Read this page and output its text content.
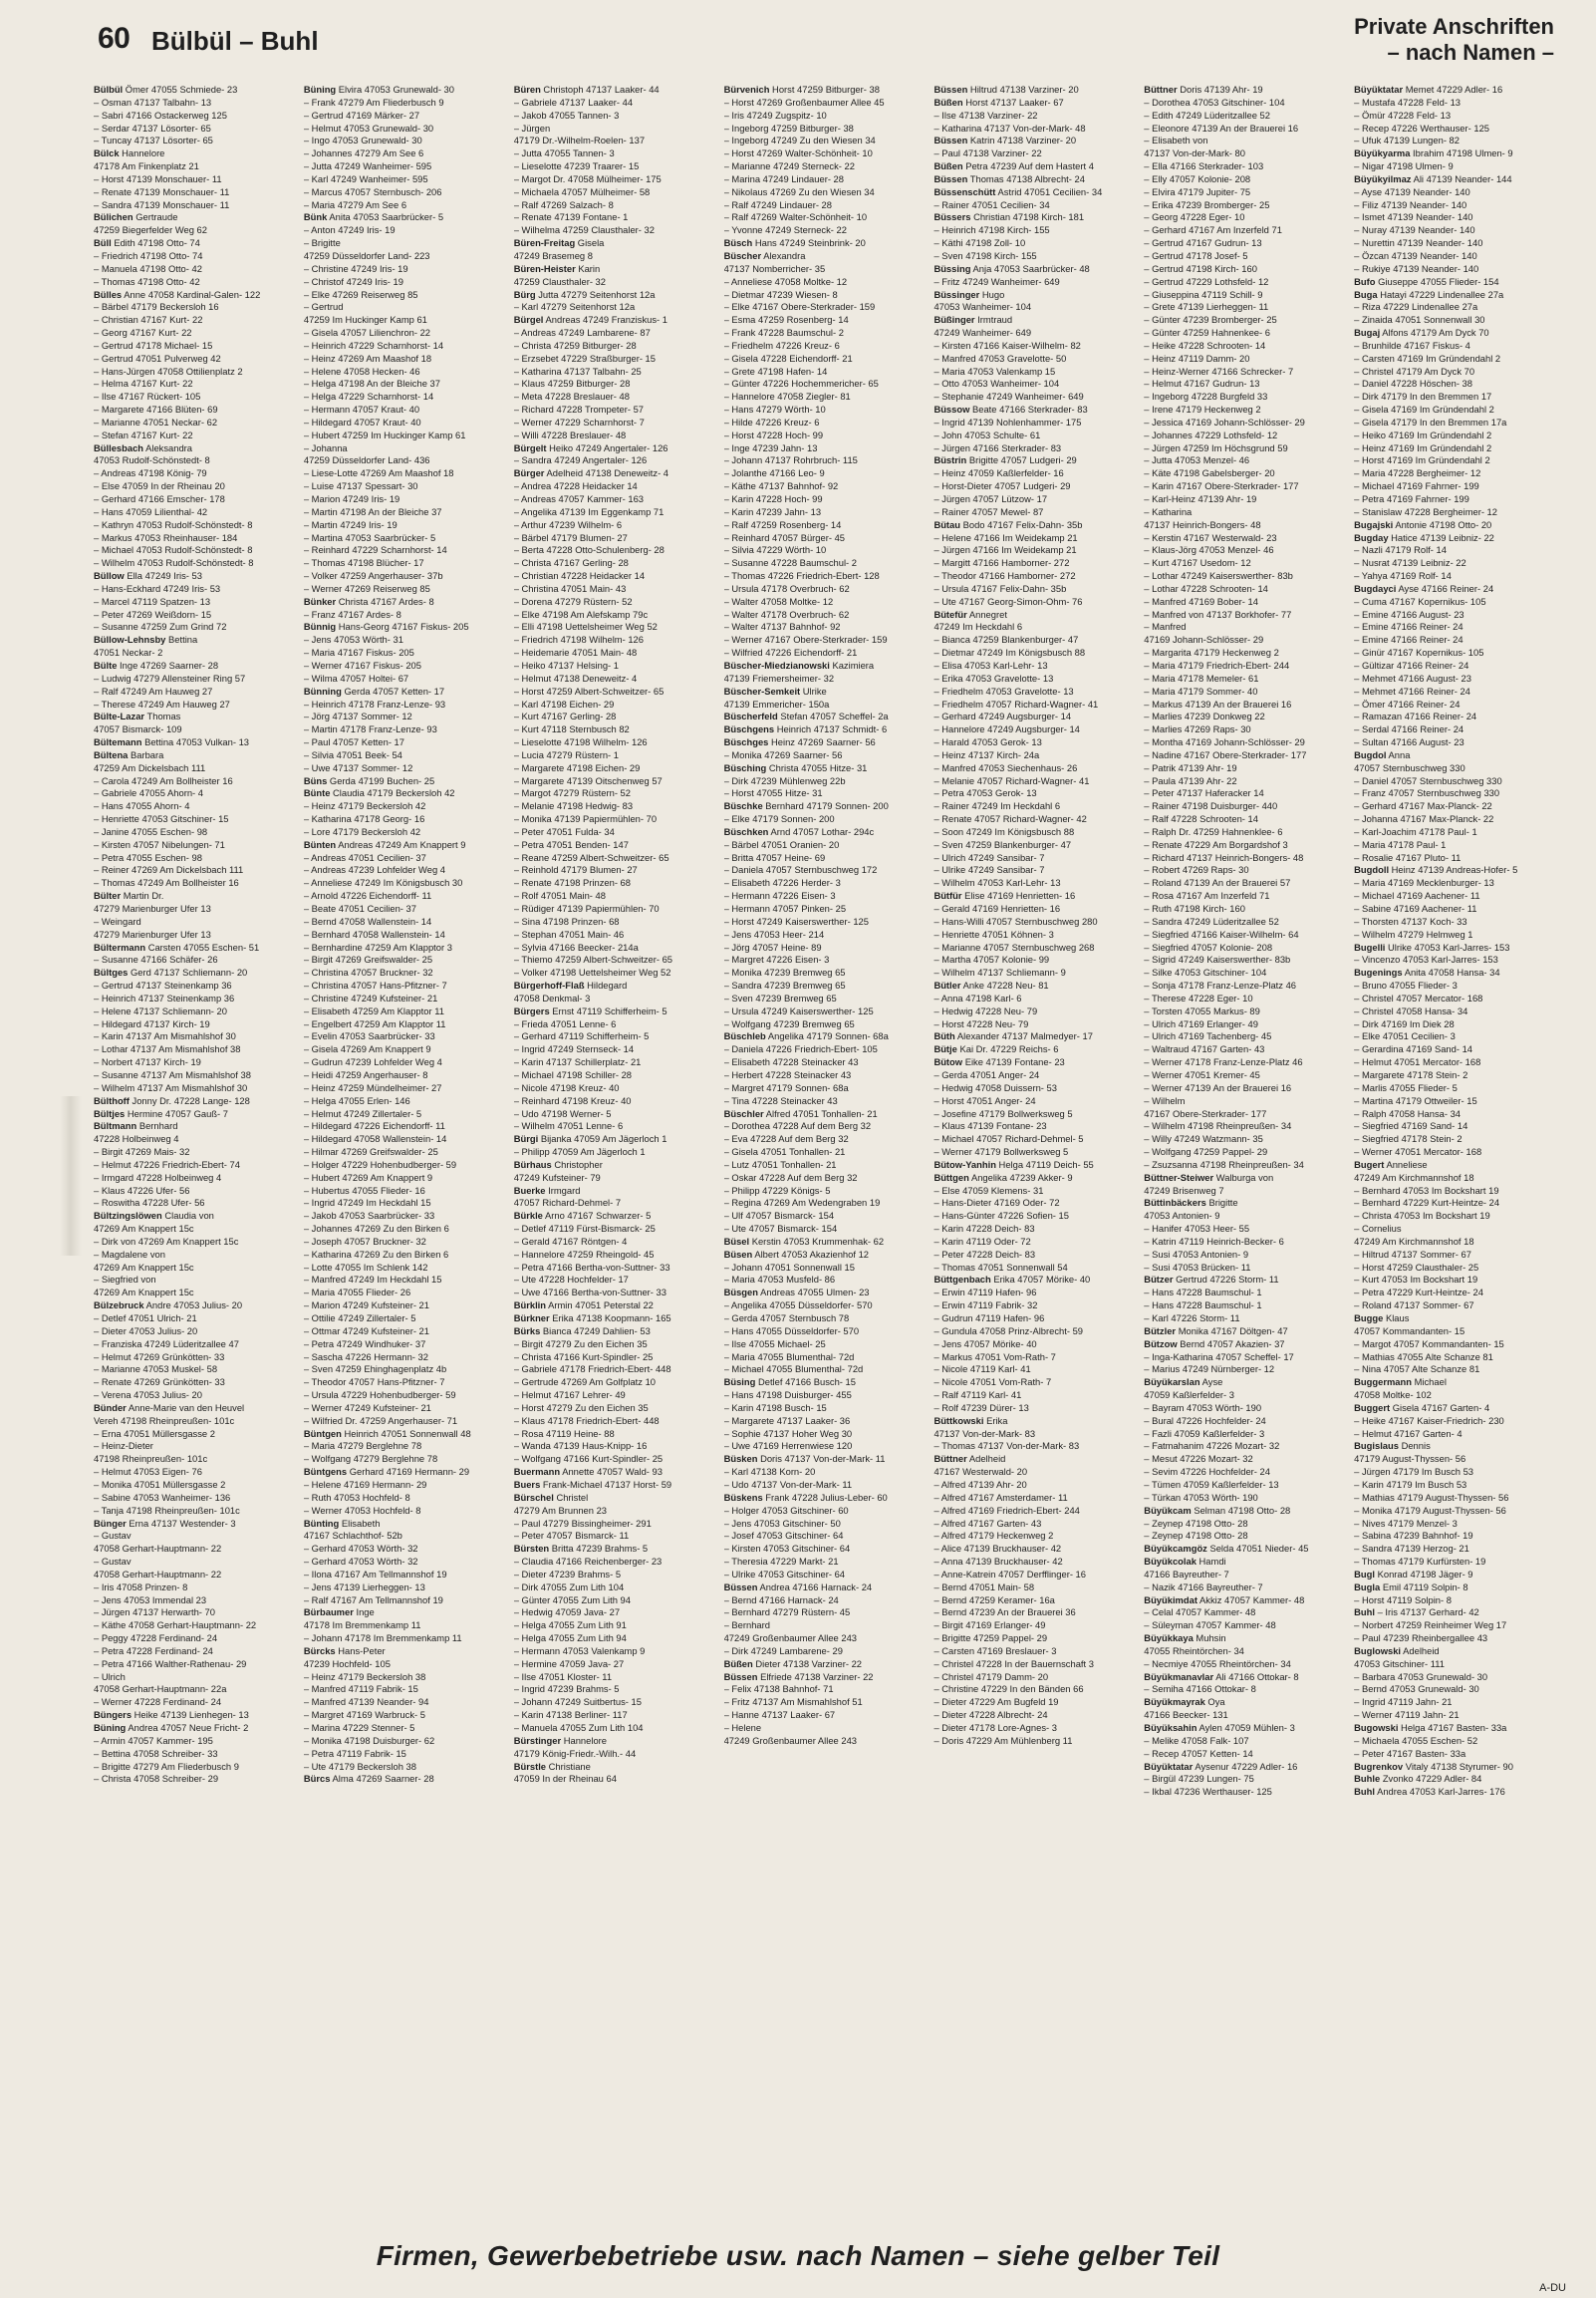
60 Bülbül – Buhl	Private Anschriften
– nach Namen –
Bülbül Ömer 47055 Schmiede- 23
– Osman 47137 Talbahn- 13
– Sabri 47166 Ostackerweg 125
– Serdar 47137 Lösorter- 65
– Tuncay 47137 Lösorter- 65
Bülck Hannelore
47178 Am Finkenplatz 21
– Horst 47139 Monschauer- 11
– Renate 47139 Monschauer- 11
– Sandra 47139 Monschauer- 11
Bülichen Gertraude
47259 Biegerfelder Weg 62
Büll Edith 47198 Otto- 74
– Friedrich 47198 Otto- 74
– Manuela 47198 Otto- 42
– Thomas 47198 Otto- 42
Bülles Anne 47058 Kardinal-Galen- 122
– Bärbel 47179 Beckersloh 16
– Christian 47167 Kurt- 22
– Georg 47167 Kurt- 22
– Gertrud 47178 Michael- 15
– Gertrud 47051 Pulverweg 42
– Hans-Jürgen 47058 Ottilienplatz 2
– Helma 47167 Kurt- 22
– Ilse 47167 Rückert- 105
– Margarete 47166 Blüten- 69
– Marianne 47051 Neckar- 62
– Stefan 47167 Kurt- 22
Büllesbach Aleksandra
47053 Rudolf-Schönstedt- 8
– Andreas 47198 König- 79
– Else 47059 In der Rheinau 20
– Gerhard 47166 Emscher- 178
– Hans 47059 Lilienthal- 42
– Kathryn 47053 Rudolf-Schönstedt- 8
– Markus 47053 Rheinhauser- 184
– Michael 47053 Rudolf-Schönstedt- 8
– Wilhelm 47053 Rudolf-Schönstedt- 8
Büllow Ella 47249 Iris- 53
– Hans-Eckhard 47249 Iris- 53
– Marcel 47119 Spatzen- 13
– Peter 47269 Weißdorn- 15
– Susanne 47259 Zum Grind 72
Büllow-Lehnsby Bettina
47051 Neckar- 2
Bülte Inge 47269 Saarner- 28
– Ludwig 47279 Allensteiner Ring 57
– Ralf 47249 Am Hauweg 27
– Therese 47249 Am Hauweg 27
Bülte-Lazar Thomas
47057 Bismarck- 109
Bültemann Bettina 47053 Vulkan- 13
Bültena Barbara
47259 Am Dickelsbach 111
– Carola 47249 Am Bollheister 16
– Gabriele 47055 Ahorn- 4
– Hans 47055 Ahorn- 4
– Henriette 47053 Gitschiner- 15
– Janine 47055 Eschen- 98
– Kirsten 47057 Nibelungen- 71
– Petra 47055 Eschen- 98
– Reiner 47269 Am Dickelsbach 111
– Thomas 47249 Am Bollheister 16
Bülter Martin Dr.
47279 Marienburger Ufer 13
– Weingard
47279 Marienburger Ufer 13
Bültermann Carsten 47055 Eschen- 51
– Susanne 47166 Schäfer- 26
Bültges Gerd 47137 Schliemann- 20
– Gertrud 47137 Steinenkamp 36
– Heinrich 47137 Steinenkamp 36
– Helene 47137 Schliemann- 20
– Hildegard 47137 Kirch- 19
– Karin 47137 Am Mismahlshof 30
– Lothar 47137 Am Mismahlshof 38
– Norbert 47137 Kirch- 19
– Susanne 47137 Am Mismahlshof 38
– Wilhelm 47137 Am Mismahlshof 30
Bülthoff Jonny Dr. 47228 Lange- 128
Bültjes Hermine 47057 Gauß- 7
Bültmann Bernhard
47228 Holbeinweg 4
– Birgit 47269 Mais- 32
– Helmut 47226 Friedrich-Ebert- 74
– Irmgard 47228 Holbeinweg 4
– Klaus 47226 Ufer- 56
– Roswitha 47228 Ufer- 56
Bültzingslöwen Claudia von
47269 Am Knappert 15c
– Dirk von 47269 Am Knappert 15c
– Magdalene von
47269 Am Knappert 15c
– Siegfried von
47269 Am Knappert 15c
Bülzebruck Andre 47053 Julius- 20
– Detlef 47051 Ulrich- 21
– Dieter 47053 Julius- 20
– Franziska 47249 Lüderitzallee 47
– Helmut 47269 Grünkötten- 33
– Marianne 47053 Muskel- 58
– Renate 47269 Grünkötten- 33
– Verena 47053 Julius- 20
Bünder Anne-Marie van den Heuvel
Vereh 47198 Rheinpreußen- 101c
– Erna 47051 Müllersgasse 2
– Heinz-Dieter
47198 Rheinpreußen- 101c
– Helmut 47053 Eigen- 76
– Monika 47051 Müllersgasse 2
– Sabine 47053 Wanheimer- 136
– Tanja 47198 Rheinpreußen- 101c
Bünger Erna 47137 Westender- 3
– Gustav
47058 Gerhart-Hauptmann- 22
– Gustav
47058 Gerhart-Hauptmann- 22
– Iris 47058 Prinzen- 8
– Jens 47053 Immendal 23
– Jürgen 47137 Herwarth- 70
– Käthe 47058 Gerhart-Hauptmann- 22
– Peggy 47228 Ferdinand- 24
– Petra 47228 Ferdinand- 24
– Petra 47166 Walther-Rathenau- 29
– Ulrich
47058 Gerhart-Hauptmann- 22a
– Werner 47228 Ferdinand- 24
Büngers Heike 47139 Lienhegen- 13
Büning Andrea 47057 Neue Fricht- 2
– Armin 47057 Kammer- 195
– Bettina 47058 Schreiber- 33
– Brigitte 47279 Am Fliederbusch 9
– Christa 47058 Schreiber- 29
Büning Elvira 47053 Grunewald- 30
– Frank 47279 Am Fliederbusch 9
– Gertrud 47169 Märker- 27
– Helmut 47053 Grunewald- 30
– Ingo 47053 Grunewald- 30
– Johannes 47279 Am See 6
– Jutta 47249 Wanheimer- 595
– Karl 47249 Wanheimer- 595
– Marcus 47057 Sternbusch- 206
– Maria 47279 Am See 6
Bünk Anita 47053 Saarbrücker- 5
– Anton 47249 Iris- 19
– Brigitte
47259 Düsseldorfer Land- 223
– Christine 47249 Iris- 19
– Christof 47249 Iris- 19
– Elke 47269 Reiserweg 85
– Gertrud
47259 Im Huckinger Kamp 61
– Gisela 47057 Lilienchron- 22
– Heinrich 47229 Scharnhorst- 14
– Heinz 47269 Am Maashof 18
– Helene 47058 Hecken- 46
– Helga 47198 An der Bleiche 37
– Helga 47229 Scharnhorst- 14
– Hermann 47057 Kraut- 40
– Hildegard 47057 Kraut- 40
– Hubert 47259 Im Huckinger Kamp 61
– Johanna
47259 Düsseldorfer Land- 436
– Liese-Lotte 47269 Am Maashof 18
– Luise 47137 Spessart- 30
– Marion 47249 Iris- 19
– Martin 47198 An der Bleiche 37
– Martin 47249 Iris- 19
– Martina 47053 Saarbrücker- 5
– Reinhard 47229 Scharnhorst- 14
– Thomas 47198 Blücher- 17
– Volker 47259 Angerhauser- 37b
– Werner 47269 Reiserweg 85
Bünker Christa 47167 Ardes- 8
– Franz 47167 Ardes- 8
Bünnig Hans-Georg 47167 Fiskus- 205
– Jens 47053 Wörth- 31
– Maria 47167 Fiskus- 205
– Werner 47167 Fiskus- 205
– Wilma 47057 Holtei- 67
Bünning Gerda 47057 Ketten- 17
– Heinrich 47178 Franz-Lenze- 93
– Jörg 47137 Sommer- 12
– Martin 47178 Franz-Lenze- 93
– Paul 47057 Ketten- 17
– Silvia 47051 Beek- 54
– Uwe 47137 Sommer- 12
Büns Gerda 47199 Buchen- 25
Bünte Claudia 47179 Beckersloh 42
– Heinz 47179 Beckersloh 42
– Katharina 47178 Georg- 16
– Lore 47179 Beckersloh 42
Bünten Andreas 47249 Am Knappert 9
– Andreas 47051 Cecilien- 37
– Andreas 47239 Lohfelder Weg 4
– Anneliese 47249 Im Königsbusch 30
– Arnold 47226 Eichendorff- 11
– Beate 47051 Cecilien- 37
– Bernd 47058 Wallenstein- 14
– Bernhard 47058 Wallenstein- 14
– Bernhardine 47259 Am Klapptor 3
– Birgit 47269 Greifswalder- 25
– Christina 47057 Bruckner- 32
– Christina 47057 Hans-Pfitzner- 7
– Christine 47249 Kufsteiner- 21
– Elisabeth 47259 Am Klapptor 11
– Engelbert 47259 Am Klapptor 11
– Evelin 47053 Saarbrücker- 33
– Gisela 47269 Am Knappert 9
– Gudrun 47239 Lohfelder Weg 4
– Heidi 47259 Angerhauser- 8
– Heinz 47259 Mündelheimer- 27
– Helga 47055 Erlen- 146
– Helmut 47249 Zillertaler- 5
– Hildegard 47226 Eichendorff- 11
– Hildegard 47058 Wallenstein- 14
– Hilmar 47269 Greifswalder- 25
– Holger 47229 Hohenbudberger- 59
– Hubert 47269 Am Knappert 9
– Hubertus 47055 Flieder- 16
– Ingrid 47249 Im Heckdahl 15
– Jakob 47053 Saarbrücker- 33
– Johannes 47269 Zu den Birken 6
– Joseph 47057 Bruckner- 32
– Katharina 47269 Zu den Birken 6
– Lotte 47055 Im Schlenk 142
– Manfred 47249 Im Heckdahl 15
– Maria 47055 Flieder- 26
– Marion 47249 Kufsteiner- 21
– Ottilie 47249 Zillertaler- 5
– Ottmar 47249 Kufsteiner- 21
– Petra 47249 Windhuker- 37
– Sascha 47226 Hermann- 32
– Sven 47259 Ehinghagenplatz 4b
– Theodor 47057 Hans-Pfitzner- 7
– Ursula 47229 Hohenbudberger- 59
– Werner 47249 Kufsteiner- 21
– Wilfried Dr. 47259 Angerhauser- 71
Büntgen Heinrich 47051 Sonnenwall 48
– Maria 47279 Berglehne 78
– Wolfgang 47279 Berglehne 78
Büntgens Gerhard 47169 Hermann- 29
– Helene 47169 Hermann- 29
– Ruth 47053 Hochfeld- 8
– Werner 47053 Hochfeld- 8
Bünting Elisabeth
47167 Schlachthof- 52b
– Gerhard 47053 Wörth- 32
– Gerhard 47053 Wörth- 32
– Ilona 47167 Am Tellmannshof 19
– Jens 47139 Lierheggen- 13
– Ralf 47167 Am Tellmannshof 19
Bürbaumer Inge
47178 Im Bremmenkamp 11
– Johann 47178 Im Bremmenkamp 11
Bürcks Hans-Peter
47239 Hochfeld- 105
– Heinz 47179 Beckersloh 38
– Manfred 47119 Fabrik- 15
– Manfred 47139 Neander- 94
– Margret 47169 Warbruck- 5
– Marina 47229 Stenner- 5
– Monika 47198 Duisburger- 62
– Petra 47119 Fabrik- 15
– Ute 47179 Beckersloh 38
Bürcs Alma 47269 Saarner- 28
Büren Christoph 47137 Laaker- 44
– Gabriele 47137 Laaker- 44
– Jakob 47055 Tannen- 3
– Jürgen
47179 Dr.-Wilhelm-Roelen- 137
– Jutta 47055 Tannen- 3
– Lieselotte 47239 Traarer- 15
– Margot Dr. 47058 Mülheimer- 175
– Michaela 47057 Mülheimer- 58
– Ralf 47269 Salzach- 8
– Renate 47139 Fontane- 1
– Wilhelma 47259 Clausthaler- 32
Büren-Freitag Gisela
47249 Brasemeg 8
Büren-Heister Karin
47259 Clausthaler- 32
Bürg Jutta 47279 Seitenhorst 12a
– Karl 47279 Seitenhorst 12a
Bürgel Andreas 47249 Franziskus- 1
– Andreas 47249 Lambarene- 87
– Christa 47259 Bitburger- 28
– Erzsebet 47229 Straßburger- 15
– Katharina 47137 Talbahn- 25
– Klaus 47259 Bitburger- 28
– Meta 47228 Breslauer- 48
– Richard 47228 Trompeter- 57
– Werner 47229 Scharnhorst- 7
– Willi 47228 Breslauer- 48
Bürgelt Heiko 47249 Angertaler- 126
– Sandra 47249 Angertaler- 126
Bürger Adelheid 47138 Deneweitz- 4
– Andrea 47228 Heidacker 14
– Andreas 47057 Kammer- 163
– Angelika 47139 Im Eggenkamp 71
– Arthur 47239 Wilhelm- 6
– Bärbel 47179 Blumen- 27
– Berta 47228 Otto-Schulenberg- 28
– Christa 47167 Gerling- 28
– Christian 47228 Heidacker 14
– Christina 47051 Main- 43
– Dorena 47279 Rüstern- 52
– Elke 47198 Am Alefskamp 79c
– Elli 47198 Uettelsheimer Weg 52
– Friedrich 47198 Wilhelm- 126
– Heidemarie 47051 Main- 48
– Heiko 47137 Helsing- 1
– Helmut 47138 Deneweitz- 4
– Horst 47259 Albert-Schweitzer- 65
– Karl 47198 Eichen- 29
– Kurt 47167 Gerling- 28
– Kurt 47118 Sternbusch 82
– Lieselotte 47198 Wilhelm- 126
– Lucia 47279 Rüstern- 1
– Margarete 47198 Eichen- 29
– Margarete 47139 Oitschenweg 57
– Margot 47279 Rüstern- 52
– Melanie 47198 Hedwig- 83
– Monika 47139 Papiermühlen- 70
– Peter 47051 Fulda- 34
– Petra 47051 Benden- 147
– Reane 47259 Albert-Schweitzer- 65
– Reinhold 47179 Blumen- 27
– Renate 47198 Prinzen- 68
– Rolf 47051 Main- 48
– Rüdiger 47139 Papiermühlen- 70
– Sina 47198 Prinzen- 68
– Stephan 47051 Main- 46
– Sylvia 47166 Beecker- 214a
– Thiemo 47259 Albert-Schweitzer- 65
– Volker 47198 Uettelsheimer Weg 52
Bürgerhoff-Flaß Hildegard
47058 Denkmal- 3
Bürgers Ernst 47119 Schifferheim- 5
– Frieda 47051 Lenne- 6
– Gerhard 47119 Schifferheim- 5
– Ingrid 47249 Sternseck- 14
– Karin 47137 Schillerplatz- 21
– Michael 47198 Schiller- 28
– Nicole 47198 Kreuz- 40
– Reinhard 47198 Kreuz- 40
– Udo 47198 Werner- 5
– Wilhelm 47051 Lenne- 6
Bürgi Bijanka 47059 Am Jägerloch 1
– Philipp 47059 Am Jägerloch 1
Bürhaus Christopher
47249 Kufsteiner- 79
Buerke Irmgard
47057 Richard-Dehmel- 7
Bürkle Arno 47167 Schwarzer- 5
– Detlef 47119 Fürst-Bismarck- 25
– Gerald 47167 Röntgen- 4
– Hannelore 47259 Rheingold- 45
– Petra 47166 Bertha-von-Suttner- 33
– Ute 47228 Hochfelder- 17
– Uwe 47166 Bertha-von-Suttner- 33
Bürklin Armin 47051 Peterstal 22
Bürkner Erika 47138 Koopmann- 165
Bürks Bianca 47249 Dahlien- 53
– Birgit 47279 Zu den Eichen 35
– Christa 47166 Kurt-Spindler- 25
– Gabriele 47178 Friedrich-Ebert- 448
– Gertrude 47269 Am Golfplatz 10
– Helmut 47167 Lehrer- 49
– Horst 47279 Zu den Eichen 35
– Klaus 47178 Friedrich-Ebert- 448
– Rosa 47119 Heine- 88
– Wanda 47139 Haus-Knipp- 16
– Wolfgang 47166 Kurt-Spindler- 25
Buermann Annette 47057 Wald- 93
Buers Frank-Michael 47137 Horst- 59
Bürschel Christel
47279 Am Brunnen 23
– Paul 47279 Bissingheimer- 291
– Peter 47057 Bismarck- 11
Bürsten Britta 47239 Brahms- 5
– Claudia 47166 Reichenberger- 23
– Dieter 47239 Brahms- 5
– Dirk 47055 Zum Lith 104
– Günter 47055 Zum Lith 94
– Hedwig 47059 Java- 27
– Helga 47055 Zum Lith 91
– Helga 47055 Zum Lith 94
– Hermann 47053 Valenkamp 9
– Hermine 47059 Java- 27
– Ilse 47051 Kloster- 11
– Ingrid 47239 Brahms- 5
– Johann 47249 Suitbertus- 15
– Karin 47138 Berliner- 117
– Manuela 47055 Zum Lith 104
Bürstinger Hannelore
47179 König-Friedr.-Wilh.- 44
Bürstle Christiane
47059 In der Rheinau 64
Bürvenich Horst 47259 Bitburger- 38
– Horst 47269 Großenbaumer Allee 45
– Iris 47249 Zugspitz- 10
– Ingeborg 47259 Bitburger- 38
– Ingeborg 47249 Zu den Wiesen 34
– Horst 47269 Walter-Schönheit- 10
– Marianne 47249 Sterneck- 22
– Marina 47249 Lindauer- 28
– Nikolaus 47269 Zu den Wiesen 34
– Ralf 47249 Lindauer- 28
– Ralf 47269 Walter-Schönheit- 10
– Yvonne 47249 Sterneck- 22
Büsch Hans 47249 Steinbrink- 20
Büscher Alexandra
47137 Nomberricher- 35
– Anneliese 47058 Moltke- 12
– Dietmar 47239 Wiesen- 8
– Elke 47167 Obere-Sterkrader- 159
– Esma 47259 Rosenberg- 14
– Frank 47228 Baumschul- 2
– Friedhelm 47226 Kreuz- 6
– Gisela 47228 Eichendorff- 21
– Grete 47198 Hafen- 14
– Günter 47226 Hochemmericher- 65
– Hannelore 47058 Ziegler- 81
– Hans 47279 Wörth- 10
– Hilde 47226 Kreuz- 6
– Horst 47228 Hoch- 99
– Inge 47239 Jahn- 13
– Johann 47137 Rohrbruch- 115
– Jolanthe 47166 Leo- 9
– Käthe 47137 Bahnhof- 92
– Karin 47228 Hoch- 99
– Karin 47239 Jahn- 13
– Ralf 47259 Rosenberg- 14
– Reinhard 47057 Bürger- 45
– Silvia 47229 Wörth- 10
– Susanne 47228 Baumschul- 2
– Thomas 47226 Friedrich-Ebert- 128
– Ursula 47178 Overbruch- 62
– Walter 47058 Moltke- 12
– Walter 47178 Overbruch- 62
– Walter 47137 Bahnhof- 92
– Werner 47167 Obere-Sterkrader- 159
– Wilfried 47226 Eichendorff- 21
Büscher-Miedzianowski Kazimiera
47139 Friemersheimer- 32
Büscher-Semkeit Ulrike
47139 Emmericher- 150a
Büscherfeld Stefan 47057 Scheffel- 2a
Büschgens Heinrich 47137 Schmidt- 6
Büschges Heinz 47269 Saarner- 56
– Monika 47269 Saarner- 56
Büsching Christa 47055 Hitze- 31
– Dirk 47239 Mühlenweg 22b
– Horst 47055 Hitze- 31
Büschke Bernhard 47179 Sonnen- 200
– Elke 47179 Sonnen- 200
Büschken Arnd 47057 Lothar- 294c
– Bärbel 47051 Oranien- 20
– Britta 47057 Heine- 69
– Daniela 47057 Sternbuschweg 172
– Elisabeth 47226 Herder- 3
– Hermann 47226 Eisen- 3
– Hermann 47057 Pinken- 25
– Horst 47249 Kaiserswerther- 125
– Jens 47053 Heer- 214
– Jörg 47057 Heine- 89
– Margret 47226 Eisen- 3
– Monika 47239 Bremweg 65
– Sandra 47239 Bremweg 65
– Sven 47239 Bremweg 65
– Ursula 47249 Kaiserswerther- 125
– Wolfgang 47239 Bremweg 65
Büschleb Angelika 47179 Sonnen- 68a
– Daniela 47226 Friedrich-Ebert- 105
– Elisabeth 47228 Steinacker 43
– Herbert 47228 Steinacker 43
– Margret 47179 Sonnen- 68a
– Tina 47228 Steinacker 43
Büschler Alfred 47051 Tonhallen- 21
– Dorothea 47228 Auf dem Berg 32
– Eva 47228 Auf dem Berg 32
– Gisela 47051 Tonhallen- 21
– Lutz 47051 Tonhallen- 21
– Oskar 47228 Auf dem Berg 32
– Philipp 47229 Königs- 5
– Regina 47269 Am Wedengraben 19
– Ulf 47057 Bismarck- 154
– Ute 47057 Bismarck- 154
Büsel Kerstin 47053 Krummenhak- 62
Büsen Albert 47053 Akazienhof 12
– Johann 47051 Sonnenwall 15
– Maria 47053 Musfeld- 86
Büsgen Andreas 47055 Ulmen- 23
– Angelika 47055 Düsseldorfer- 570
– Gerda 47057 Sternbusch 78
– Hans 47055 Düsseldorfer- 570
– Ilse 47055 Michael- 25
– Maria 47055 Blumenthal- 72d
– Michael 47055 Blumenthal- 72d
Büsing Detlef 47166 Busch- 15
– Hans 47198 Duisburger- 455
– Karin 47198 Busch- 15
– Margarete 47137 Laaker- 36
– Sophie 47137 Hoher Weg 30
– Uwe 47169 Herrenwiese 120
Büsken Doris 47137 Von-der-Mark- 11
– Karl 47138 Korn- 20
– Udo 47137 Von-der-Mark- 11
Büskens Frank 47228 Julius-Leber- 60
– Holger 47053 Gitschiner- 60
– Jens 47053 Gitschiner- 50
– Josef 47053 Gitschiner- 64
– Kirsten 47053 Gitschiner- 64
– Theresia 47229 Markt- 21
– Ulrike 47053 Gitschiner- 64
Büssen Andrea 47166 Harnack- 24
– Bernd 47166 Harnack- 24
– Bernhard 47279 Rüstern- 45
– Bernhard
47249 Großenbaumer Allee 243
– Dirk 47249 Lambarene- 29
Büßen Dieter 47138 Varziner- 22
Büssen Elfriede 47138 Varziner- 22
– Felix 47138 Bahnhof- 71
– Fritz 47137 Am Mismahlshof 51
– Hanne 47137 Laaker- 67
– Helene
47249 Großenbaumer Allee 243
Büssen Hiltrud 47138 Varziner- 20
Büßen Horst 47137 Laaker- 67
– Ilse 47138 Varziner- 22
– Katharina 47137 Von-der-Mark- 48
Büssen Katrin 47138 Varziner- 20
– Paul 47138 Varziner- 22
Büßen Petra 47239 Auf dem Hastert 4
Büssen Thomas 47138 Albrecht- 24
Büssenschütt Astrid 47051 Cecilien- 34
– Rainer 47051 Cecilien- 34
Büssers Christian 47198 Kirch- 181
– Heinrich 47198 Kirch- 155
– Käthi 47198 Zoll- 10
– Sven 47198 Kirch- 155
Büssing Anja 47053 Saarbrücker- 48
– Fritz 47249 Wanheimer- 649
Büssinger Hugo
47053 Wanheimer- 104
Büßinger Irmtraud
47249 Wanheimer- 649
– Kirsten 47166 Kaiser-Wilhelm- 82
– Manfred 47053 Gravelotte- 50
– Maria 47053 Valenkamp 15
– Otto 47053 Wanheimer- 104
– Stephanie 47249 Wanheimer- 649
Büssow Beate 47166 Sterkrader- 83
– Ingrid 47139 Nohlenhammer- 175
– John 47053 Schulte- 61
– Jürgen 47166 Sterkrader- 83
Büstrin Brigitte 47057 Ludgeri- 29
– Heinz 47059 Kaßlerfelder- 16
– Horst-Dieter 47057 Ludgeri- 29
– Jürgen 47057 Lützow- 17
– Rainer 47057 Mewel- 87
Bütau Bodo 47167 Felix-Dahn- 35b
– Helene 47166 Im Weidekamp 21
– Jürgen 47166 Im Weidekamp 21
– Margitt 47166 Hamborner- 272
– Theodor 47166 Hamborner- 272
– Ursula 47167 Felix-Dahn- 35b
– Ute 47167 Georg-Simon-Ohm- 76
Bütefür Annegret
47249 Im Heckdahl 6
– Bianca 47259 Blankenburger- 47
– Dietmar 47249 Im Königsbusch 88
– Elisa 47053 Karl-Lehr- 13
– Erika 47053 Gravelotte- 13
– Friedhelm 47053 Gravelotte- 13
– Friedhelm 47057 Richard-Wagner- 41
– Gerhard 47249 Augsburger- 14
– Hannelore 47249 Augsburger- 14
– Harald 47053 Gerok- 13
– Heinz 47137 Kirch- 24a
– Manfred 47053 Siechenhaus- 26
– Melanie 47057 Richard-Wagner- 41
– Petra 47053 Gerok- 13
– Rainer 47249 Im Heckdahl 6
– Renate 47057 Richard-Wagner- 42
– Soon 47249 Im Königsbusch 88
– Sven 47259 Blankenburger- 47
– Ulrich 47249 Sansibar- 7
– Ulrike 47249 Sansibar- 7
– Wilhelm 47053 Karl-Lehr- 13
Bütfür Elise 47169 Henrietten- 16
– Gerald 47169 Henrietten- 16
– Hans-Willi 47057 Sternbuschweg 280
– Henriette 47051 Köhnen- 3
– Marianne 47057 Sternbuschweg 268
– Martha 47057 Kolonie- 99
– Wilhelm 47137 Schliemann- 9
Bütler Anke 47228 Neu- 81
– Anna 47198 Karl- 6
– Hedwig 47228 Neu- 79
– Horst 47228 Neu- 79
Büth Alexander 47137 Malmedyer- 17
Bütje Kai Dr. 47229 Reichs- 6
Bütow Eike 47139 Fontane- 23
– Gerda 47051 Anger- 24
– Hedwig 47058 Duissern- 53
– Horst 47051 Anger- 24
– Josefine 47179 Bollwerksweg 5
– Klaus 47139 Fontane- 23
– Michael 47057 Richard-Dehmel- 5
– Werner 47179 Bollwerksweg 5
Bütow-Yanhin Helga 47119 Deich- 55
Büttgen Angelika 47239 Akker- 9
– Else 47059 Klemens- 31
– Hans-Dieter 47169 Oder- 72
– Hans-Günter 47226 Sofien- 15
– Karin 47228 Deich- 83
– Karin 47119 Oder- 72
– Peter 47228 Deich- 83
– Thomas 47051 Sonnenwall 54
Büttgenbach Erika 47057 Mörike- 40
– Erwin 47119 Hafen- 96
– Erwin 47119 Fabrik- 32
– Gudrun 47119 Hafen- 96
– Gundula 47058 Prinz-Albrecht- 59
– Jens 47057 Mörike- 40
– Markus 47051 Vom-Rath- 7
– Nicole 47119 Karl- 41
– Nicole 47051 Vom-Rath- 7
– Ralf 47119 Karl- 41
– Rolf 47239 Dürer- 13
Büttkowski Erika
47137 Von-der-Mark- 83
– Thomas 47137 Von-der-Mark- 83
Büttner Adelheid
47167 Westerwald- 20
– Alfred 47139 Ahr- 20
– Alfred 47167 Amsterdamer- 11
– Alfred 47169 Friedrich-Ebert- 244
– Alfred 47167 Garten- 43
– Alfred 47179 Heckenweg 2
– Alice 47139 Bruckhauser- 42
– Anna 47139 Bruckhauser- 42
– Anne-Katrein 47057 Derfflinger- 16
– Bernd 47051 Main- 58
– Bernd 47259 Keramer- 16a
– Bernd 47239 An der Brauerei 36
– Birgit 47169 Erlanger- 49
– Brigitte 47259 Pappel- 29
– Carsten 47169 Breslauer- 3
– Christel 47228 In der Bauernschaft 3
– Christel 47179 Damm- 20
– Christine 47229 In den Bänden 66
– Dieter 47229 Am Bugfeld 19
– Dieter 47228 Albrecht- 24
– Dieter 47178 Lore-Agnes- 3
– Doris 47229 Am Mühlenberg 11
Büttner Doris 47139 Ahr- 19
– Dorothea 47053 Gitschiner- 104
– Edith 47249 Lüderitzallee 52
– Eleonore 47139 An der Brauerei 16
– Elisabeth von
47137 Von-der-Mark- 80
– Ella 47166 Sterkrader- 103
– Elly 47057 Kolonie- 208
– Elvira 47179 Jupiter- 75
– Erika 47239 Bromberger- 25
– Georg 47228 Eger- 10
– Gerhard 47167 Am Inzerfeld 71
– Gertrud 47167 Gudrun- 13
– Gertrud 47178 Josef- 5
– Gertrud 47198 Kirch- 160
– Gertrud 47229 Lothsfeld- 12
– Giuseppina 47119 Schill- 9
– Grete 47139 Lierheggen- 11
– Günter 47239 Bromberger- 25
– Günter 47259 Hahnenkee- 6
– Heike 47228 Schrooten- 14
– Heinz 47119 Damm- 20
– Heinz-Werner 47166 Schrecker- 7
– Helmut 47167 Gudrun- 13
– Ingeborg 47228 Burgfeld 33
– Irene 47179 Heckenweg 2
– Jessica 47169 Johann-Schlösser- 29
– Johannes 47229 Lothsfeld- 12
– Jürgen 47259 Im Höchsgrund 59
– Jutta 47053 Menzel- 46
– Käte 47198 Gabelsberger- 20
– Karin 47167 Obere-Sterkrader- 177
– Karl-Heinz 47139 Ahr- 19
– Katharina
47137 Heinrich-Bongers- 48
– Kerstin 47167 Westerwald- 23
– Klaus-Jörg 47053 Menzel- 46
– Kurt 47167 Usedom- 12
– Lothar 47249 Kaiserswerther- 83b
– Lothar 47228 Schrooten- 14
– Manfred 47169 Bober- 14
– Manfred von 47137 Borkhofer- 77
– Manfred
47169 Johann-Schlösser- 29
– Margarita 47179 Heckenweg 2
– Maria 47179 Friedrich-Ebert- 244
– Maria 47178 Memeler- 61
– Maria 47179 Sommer- 40
– Markus 47139 An der Brauerei 16
– Marlies 47239 Donkweg 22
– Marlies 47269 Raps- 30
– Montha 47169 Johann-Schlösser- 29
– Nadine 47167 Obere-Sterkrader- 177
– Patrik 47139 Ahr- 19
– Paula 47139 Ahr- 22
– Peter 47137 Haferacker 14
– Rainer 47198 Duisburger- 440
– Ralf 47228 Schrooten- 14
– Ralph Dr. 47259 Hahnenklee- 6
– Renate 47229 Am Borgardshof 3
– Richard 47137 Heinrich-Bongers- 48
– Robert 47269 Raps- 30
– Roland 47139 An der Brauerei 57
– Rosa 47167 Am Inzerfeld 71
– Ruth 47198 Kirch- 160
– Sandra 47249 Lüderitzallee 52
– Siegfried 47166 Kaiser-Wilhelm- 64
– Siegfried 47057 Kolonie- 208
– Sigrid 47249 Kaiserswerther- 83b
– Silke 47053 Gitschiner- 104
– Sonja 47178 Franz-Lenze-Platz 46
– Therese 47228 Eger- 10
– Torsten 47055 Markus- 89
– Ulrich 47169 Erlanger- 49
– Ulrich 47169 Tachenberg- 45
– Waltraud 47167 Garten- 43
– Werner 47178 Franz-Lenze-Platz 46
– Werner 47051 Kremer- 45
– Werner 47139 An der Brauerei 16
– Wilhelm
47167 Obere-Sterkrader- 177
– Wilhelm 47198 Rheinpreußen- 34
– Willy 47249 Watzmann- 35
– Wolfgang 47259 Pappel- 29
– Zsuzsanna 47198 Rheinpreußen- 34
Büttner-Steiwer Walburga von
47249 Brisenweg 7
Büttinbäckers Brigitte
47053 Antonien- 9
– Hanifer 47053 Heer- 55
– Katrin 47119 Heinrich-Becker- 6
– Susi 47053 Antonien- 9
– Susi 47053 Brücken- 11
Bützer Gertrud 47226 Storm- 11
– Hans 47228 Baumschul- 1
– Hans 47228 Baumschul- 1
– Karl 47226 Storm- 11
Bützler Monika 47167 Döltgen- 47
Bützow Bernd 47057 Akazien- 37
– Inga-Katharina 47057 Scheffel- 17
– Marius 47249 Nürnberger- 12
Büyükarslan Ayse
47059 Kaßlerfelder- 3
– Bayram 47053 Wörth- 190
– Bural 47226 Hochfelder- 24
– Fazli 47059 Kaßlerfelder- 3
– Fatmahanim 47226 Mozart- 32
– Mesut 47226 Mozart- 32
– Sevim 47226 Hochfelder- 24
– Tümen 47059 Kaßlerfelder- 13
– Türkan 47053 Wörth- 190
Büyükcam Selman 47198 Otto- 28
– Zeynep 47198 Otto- 28
– Zeynep 47198 Otto- 28
Büyükcamgöz Selda 47051 Nieder- 45
Büyükcolak Hamdi
47166 Bayreuther- 7
– Nazik 47166 Bayreuther- 7
Büyükimdat Akkiz 47057 Kammer- 48
– Celal 47057 Kammer- 48
– Süleyman 47057 Kammer- 48
Büyükkaya Muhsin
47055 Rheintörchen- 34
– Necmiye 47055 Rheintörchen- 34
Büyükmanavlar Ali 47166 Ottokar- 8
– Semiha 47166 Ottokar- 8
Büyükmayrak Oya
47166 Beecker- 131
Büyüksahin Aylen 47059 Mühlen- 3
– Melike 47058 Falk- 107
– Recep 47057 Ketten- 14
Büyüktatar Aysenur 47229 Adler- 16
– Birgül 47239 Lungen- 75
– Ikbal 47236 Werthauser- 125
Büyüktatar Memet 47229 Adler- 16
– Mustafa 47228 Feld- 13
– Ömür 47228 Feld- 13
– Recep 47226 Werthauser- 125
– Ufuk 47139 Lungen- 82
Büyükyarma Ibrahim 47198 Ulmen- 9
– Nigar 47198 Ulmen- 9
Büyükyilmaz Ali 47139 Neander- 144
– Ayse 47139 Neander- 140
– Filiz 47139 Neander- 140
– Ismet 47139 Neander- 140
– Nuray 47139 Neander- 140
– Nurettin 47139 Neander- 140
– Özcan 47139 Neander- 140
– Rukiye 47139 Neander- 140
Bufo Giuseppe 47055 Flieder- 154
Buga Hatayi 47229 Lindenallee 27a
– Riza 47229 Lindenallee 27a
– Zinaida 47051 Sonnenwall 30
Bugaj Alfons 47179 Am Dyck 70
– Brunhilde 47167 Fiskus- 4
– Carsten 47169 Im Gründendahl 2
– Christel 47179 Am Dyck 70
– Daniel 47228 Höschen- 38
– Dirk 47179 In den Bremmen 17
– Gisela 47169 Im Gründendahl 2
– Gisela 47179 In den Bremmen 17a
– Heiko 47169 Im Gründendahl 2
– Heinz 47169 Im Gründendahl 2
– Horst 47169 Im Gründendahl 2
– Maria 47228 Bergheimer- 12
– Michael 47169 Fahrner- 199
– Petra 47169 Fahrner- 199
– Stanislaw 47228 Bergheimer- 12
Bugajski Antonie 47198 Otto- 20
Bugday Hatice 47139 Leibniz- 22
– Nazli 47179 Rolf- 14
– Nusrat 47139 Leibniz- 22
– Yahya 47169 Rolf- 14
Bugdayci Ayse 47166 Reiner- 24
– Cuma 47167 Kopernikus- 105
– Emine 47166 August- 23
– Emine 47166 Reiner- 24
– Emine 47166 Reiner- 24
– Ginür 47167 Kopernikus- 105
– Gültizar 47166 Reiner- 24
– Mehmet 47166 August- 23
– Mehmet 47166 Reiner- 24
– Ömer 47166 Reiner- 24
– Ramazan 47166 Reiner- 24
– Serdal 47166 Reiner- 24
– Sultan 47166 August- 23
Bugdol Anna
47057 Sternbuschweg 330
– Daniel 47057 Sternbuschweg 330
– Franz 47057 Sternbuschweg 330
– Gerhard 47167 Max-Planck- 22
– Johanna 47167 Max-Planck- 22
– Karl-Joachim 47178 Paul- 1
– Maria 47178 Paul- 1
– Rosalie 47167 Pluto- 11
Bugdoll Heinz 47139 Andreas-Hofer- 5
– Maria 47169 Mecklenburger- 13
– Michael 47169 Aachener- 11
– Sabine 47169 Aachener- 11
– Thorsten 47137 Koch- 33
– Wilhelm 47279 Helmweg 1
Bugelli Ulrike 47053 Karl-Jarres- 153
– Vincenzo 47053 Karl-Jarres- 153
Bugenings Anita 47058 Hansa- 34
– Bruno 47055 Flieder- 3
– Christel 47057 Mercator- 168
– Christel 47058 Hansa- 34
– Dirk 47169 Im Diek 28
– Elke 47051 Cecilien- 3
– Gerardina 47169 Sand- 14
– Helmut 47051 Mercator- 168
– Margarete 47178 Stein- 2
– Marlis 47055 Flieder- 5
– Martina 47179 Ottweiler- 15
– Ralph 47058 Hansa- 34
– Siegfried 47169 Sand- 14
– Siegfried 47178 Stein- 2
– Werner 47051 Mercator- 168
Bugert Anneliese
47249 Am Kirchmannshof 18
– Bernhard 47053 Im Bockshart 19
– Bernhard 47229 Kurt-Heintze- 24
– Christa 47053 Im Bockshart 19
– Cornelius
47249 Am Kirchmannshof 18
– Hiltrud 47137 Sommer- 67
– Horst 47259 Clausthaler- 25
– Kurt 47053 Im Bockshart 19
– Petra 47229 Kurt-Heintze- 24
– Roland 47137 Sommer- 67
Bugge Klaus
47057 Kommandanten- 15
– Margot 47057 Kommandanten- 15
– Mathias 47055 Alte Schanze 81
– Nina 47057 Alte Schanze 81
Buggermann Michael
47058 Moltke- 102
Buggert Gisela 47167 Garten- 4
– Heike 47167 Kaiser-Friedrich- 230
– Helmut 47167 Garten- 4
Bugislaus Dennis
47179 August-Thyssen- 56
– Jürgen 47179 Im Busch 53
– Karin 47179 Im Busch 53
– Mathias 47179 August-Thyssen- 56
– Monika 47179 August-Thyssen- 56
– Nives 47179 Menzel- 3
– Sabina 47239 Bahnhof- 19
– Sandra 47139 Herzog- 21
– Thomas 47179 Kurfürsten- 19
Bugl Konrad 47198 Jäger- 9
Bugla Emil 47119 Solpin- 8
– Horst 47119 Solpin- 8
Buhl – Iris 47137 Gerhard- 42
– Norbert 47259 Reinheimer Weg 17
– Paul 47239 Rheinbergallee 43
Buglowski Adelheid
47053 Gitschiner- 111
– Barbara 47053 Grunewald- 30
– Bernd 47053 Grunewald- 30
– Ingrid 47119 Jahn- 21
– Werner 47119 Jahn- 21
Bugowski Helga 47167 Basten- 33a
– Michaela 47055 Eschen- 52
– Peter 47167 Basten- 33a
Bugrenkov Vitaly 47138 Styrumer- 90
Buhle Zvonko 47229 Adler- 84
Buhl Andrea 47053 Karl-Jarres- 176
Firmen, Gewerbebetriebe usw. nach Namen – siehe gelber Teil
A-DU
